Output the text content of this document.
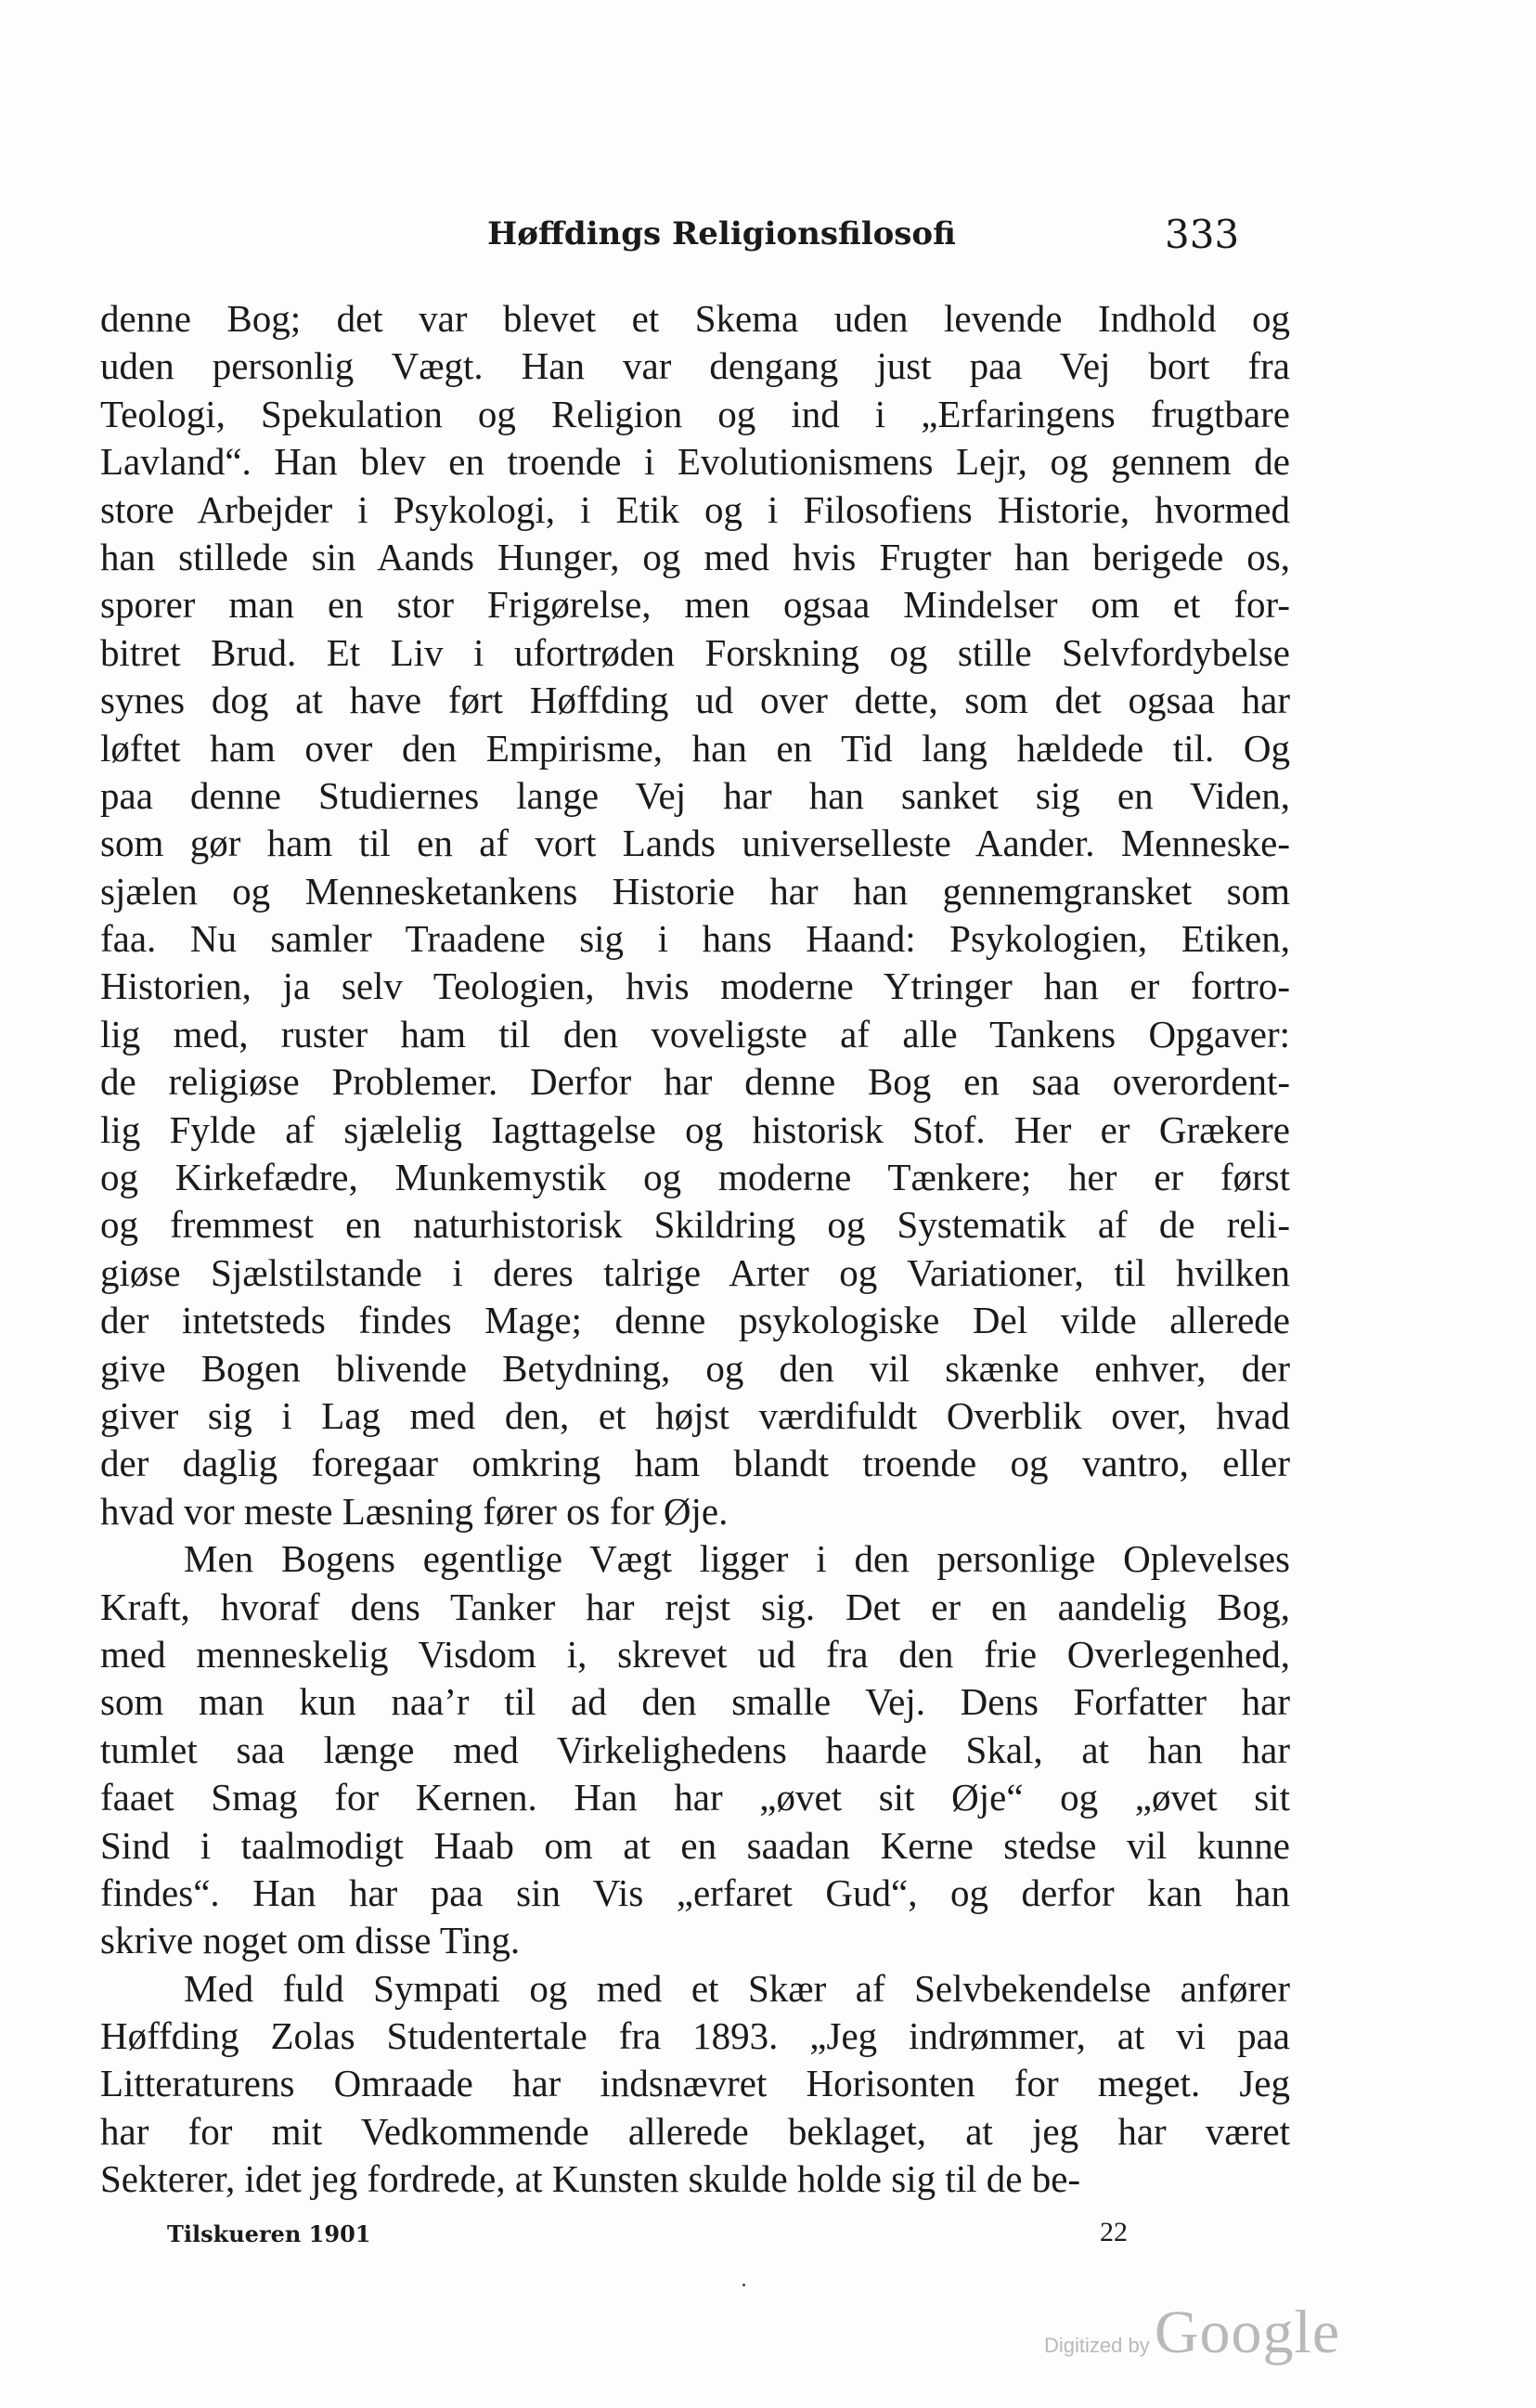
Høffdings Religionsfilosofi	333

denne Bog; det var blevet et Skema uden levende Indhold og
uden personlig Vægt. Han var dengang just paa Vej bort fra
Teologi, Spekulation og Religion og ind i „Erfaringens frugtbare
Lavland“. Han blev en troende i Evolutionismens Lejr, og gennem de
store Arbejder i Psykologi, i Etik og i Filosofiens Historie, hvormed
han stillede sin Aands Hunger, og med hvis Frugter han berigede os,
sporer man en stor Frigørelse, men ogsaa Mindelser om et for-
bitret Brud. Et Liv i ufortrøden Forskning og stille Selvfordybelse
synes dog at have ført Høffding ud over dette, som det ogsaa har
løftet ham over den Empirisme, han en Tid lang hældede til. Og
paa denne Studiernes lange Vej har han sanket sig en Viden,
som gør ham til en af vort Lands universelleste Aander. Menneske-
sjælen og Mennesketankens Historie har han gennemgransket som
faa. Nu samler Traadene sig i hans Haand: Psykologien, Etiken,
Historien, ja selv Teologien, hvis moderne Ytringer han er fortro-
lig med, ruster ham til den voveligste af alle Tankens Opgaver:
de religiøse Problemer. Derfor har denne Bog en saa overordent-
lig Fylde af sjælelig Iagttagelse og historisk Stof. Her er Grækere
og Kirkefædre, Munkemystik og moderne Tænkere; her er først
og fremmest en naturhistorisk Skildring og Systematik af de reli-
giøse Sjælstilstande i deres talrige Arter og Variationer, til hvilken
der intetsteds findes Mage; denne psykologiske Del vilde allerede
give Bogen blivende Betydning, og den vil skænke enhver, der
giver sig i Lag med den, et højst værdifuldt Overblik over, hvad
der daglig foregaar omkring ham blandt troende og vantro, eller
hvad vor meste Læsning fører os for Øje.

Men Bogens egentlige Vægt ligger i den personlige Oplevelses
Kraft, hvoraf dens Tanker har rejst sig. Det er en aandelig Bog,
med menneskelig Visdom i, skrevet ud fra den frie Overlegenhed,
som man kun naa’r til ad den smalle Vej. Dens Forfatter har
tumlet saa længe med Virkelighedens haarde Skal, at han har
faaet Smag for Kernen. Han har „øvet sit Øje“ og „øvet sit
Sind i taalmodigt Haab om at en saadan Kerne stedse vil kunne
findes“. Han har paa sin Vis „erfaret Gud“, og derfor kan han
skrive noget om disse Ting.

Med fuld Sympati og med et Skær af Selvbekendelse anfører
Høffding Zolas Studentertale fra 1893. „Jeg indrømmer, at vi paa
Litteraturens Omraade har indsnævret Horisonten for meget. Jeg
har for mit Vedkommende allerede beklaget, at jeg har været
Sekterer, idet jeg fordrede, at Kunsten skulde holde sig til de be-

Tilskueren 1901	22
Digitized by Google
